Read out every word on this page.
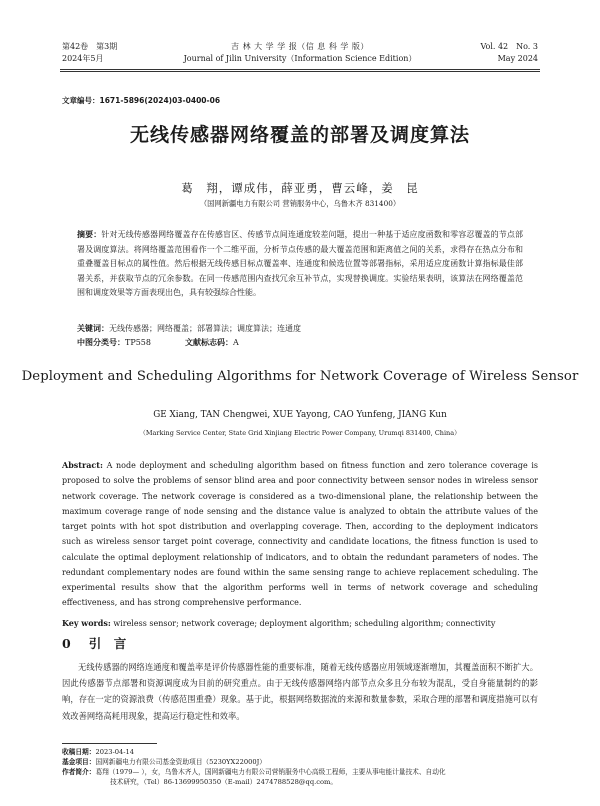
第42卷　第3期
2024年5月
吉 林 大 学 学 报（信 息 科 学 版）
Journal of Jilin University（Information Science Edition）
Vol. 42　No. 3
May 2024
文章编号：1671-5896(2024)03-0400-06
无线传感器网络覆盖的部署及调度算法
葛　翔，谭成伟，薛亚勇，曹云峰，姜　昆
（国网新疆电力有限公司 营销服务中心，乌鲁木齐 831400）
摘要：针对无线传感器网络覆盖存在传感盲区、传感节点间连通度较差问题，提出一种基于适应度函数和零容忍覆盖的节点部署及调度算法。将网络覆盖范围看作一个二维平面，分析节点传感的最大覆盖范围和距离值之间的关系，求得存在热点分布和重叠覆盖目标点的属性值。然后根据无线传感目标点覆盖率、连通度和候选位置等部署指标，采用适应度函数计算指标最佳部署关系，并获取节点的冗余参数。在同一传感范围内查找冗余互补节点，实现替换调度。实验结果表明，该算法在网络覆盖范围和调度效果等方面表现出色，具有较强综合性能。
关键词：无线传感器；网络覆盖；部署算法；调度算法；连通度
中图分类号：TP558	文献标志码：A
Deployment and Scheduling Algorithms for Network Coverage of Wireless Sensor
GE Xiang, TAN Chengwei, XUE Yayong, CAO Yunfeng, JIANG Kun
（Marking Service Center, State Grid Xinjiang Electric Power Company, Urumqi 831400, China）
Abstract: A node deployment and scheduling algorithm based on fitness function and zero tolerance coverage is proposed to solve the problems of sensor blind area and poor connectivity between sensor nodes in wireless sensor network coverage. The network coverage is considered as a two-dimensional plane, the relationship between the maximum coverage range of node sensing and the distance value is analyzed to obtain the attribute values of the target points with hot spot distribution and overlapping coverage. Then, according to the deployment indicators such as wireless sensor target point coverage, connectivity and candidate locations, the fitness function is used to calculate the optimal deployment relationship of indicators, and to obtain the redundant parameters of nodes. The redundant complementary nodes are found within the same sensing range to achieve replacement scheduling. The experimental results show that the algorithm performs well in terms of network coverage and scheduling effectiveness, and has strong comprehensive performance.
Key words: wireless sensor; network coverage; deployment algorithm; scheduling algorithm; connectivity
0 引　言
无线传感器的网络连通度和覆盖率是评价传感器性能的重要标准，随着无线传感器应用领域逐渐增加，其覆盖面积不断扩大。因此传感器节点部署和资源调度成为目前的研究重点。由于无线传感器网络内部节点众多且分布较为混乱，受自身能量制约的影响，存在一定的资源浪费（传感范围重叠）现象。基于此，根据网络数据流的来源和数量参数，采取合理的部署和调度措施可以有效改善网络高耗用现象，提高运行稳定性和效率。
收稿日期：2023-04-14
基金项目：国网新疆电力有限公司基金资助项目（5230YX22000J）
作者简介：葛翔（1979— ），女，乌鲁木齐人，国网新疆电力有限公司营销服务中心高级工程师，主要从事电能计量技术、自动化
技术研究，（Tel）86-13699950350（E-mail）2474788528@qq.com。
